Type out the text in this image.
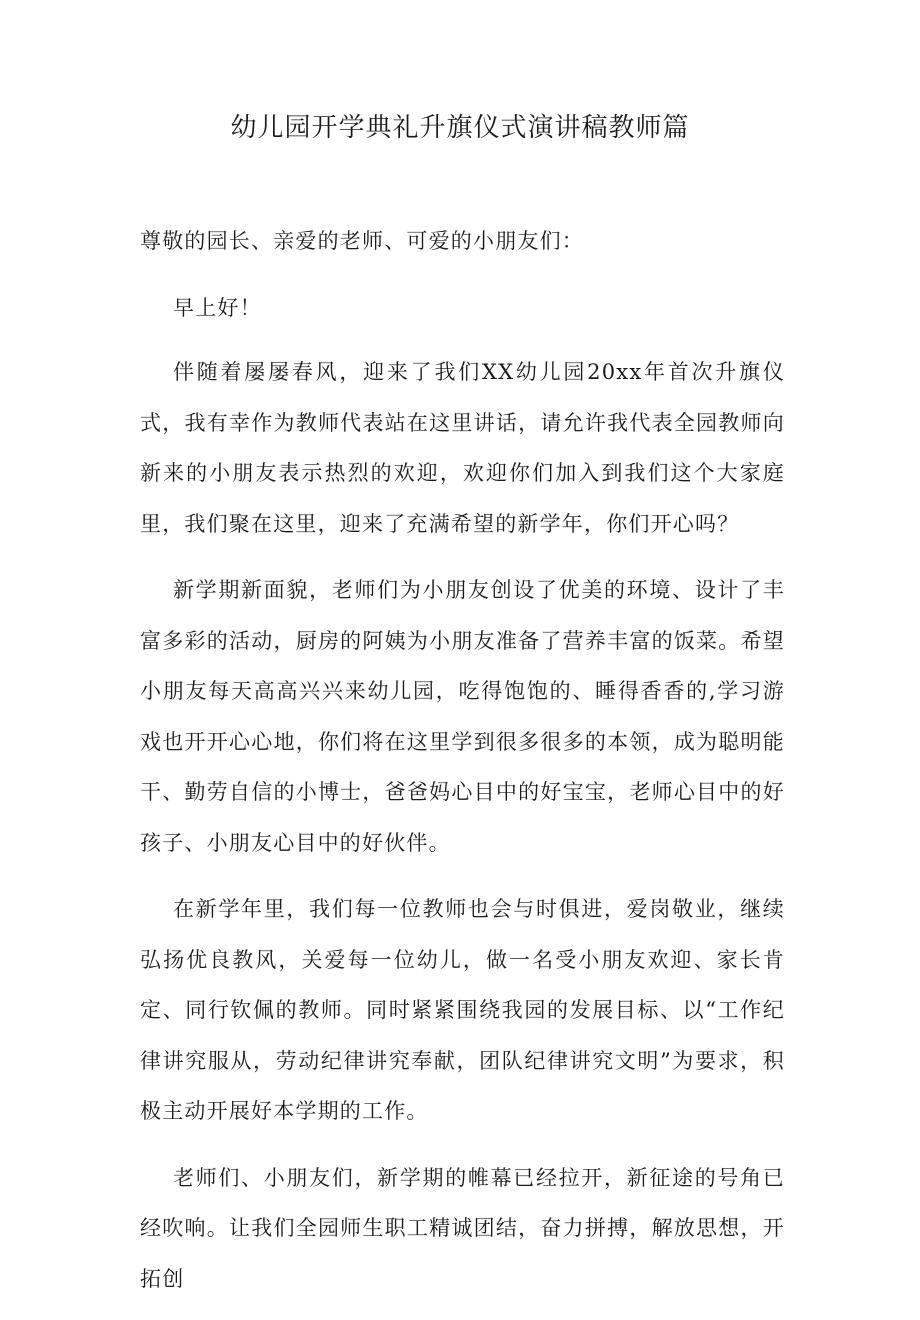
幼儿园开学典礼升旗仪式演讲稿教师篇

尊敬的园长、亲爱的老师、可爱的小朋友们：

早上好！

伴随着屡屡春风，迎来了我们XX幼儿园20xx年首次升旗仪式，我有幸作为教师代表站在这里讲话，请允许我代表全园教师向新来的小朋友表示热烈的欢迎，欢迎你们加入到我们这个大家庭里，我们聚在这里，迎来了充满希望的新学年，你们开心吗？

新学期新面貌，老师们为小朋友创设了优美的环境、设计了丰富多彩的活动，厨房的阿姨为小朋友准备了营养丰富的饭菜。希望小朋友每天高高兴兴来幼儿园，吃得饱饱的、睡得香香的,学习游戏也开开心心地，你们将在这里学到很多很多的本领，成为聪明能干、勤劳自信的小博士，爸爸妈心目中的好宝宝，老师心目中的好孩子、小朋友心目中的好伙伴。

在新学年里，我们每一位教师也会与时俱进，爱岗敬业，继续弘扬优良教风，关爱每一位幼儿，做一名受小朋友欢迎、家长肯定、同行钦佩的教师。同时紧紧围绕我园的发展目标、以“工作纪律讲究服从，劳动纪律讲究奉献，团队纪律讲究文明”为要求，积极主动开展好本学期的工作。

老师们、小朋友们，新学期的帷幕已经拉开，新征途的号角已经吹响。让我们全园师生职工精诚团结，奋力拼搏，解放思想，开拓创
